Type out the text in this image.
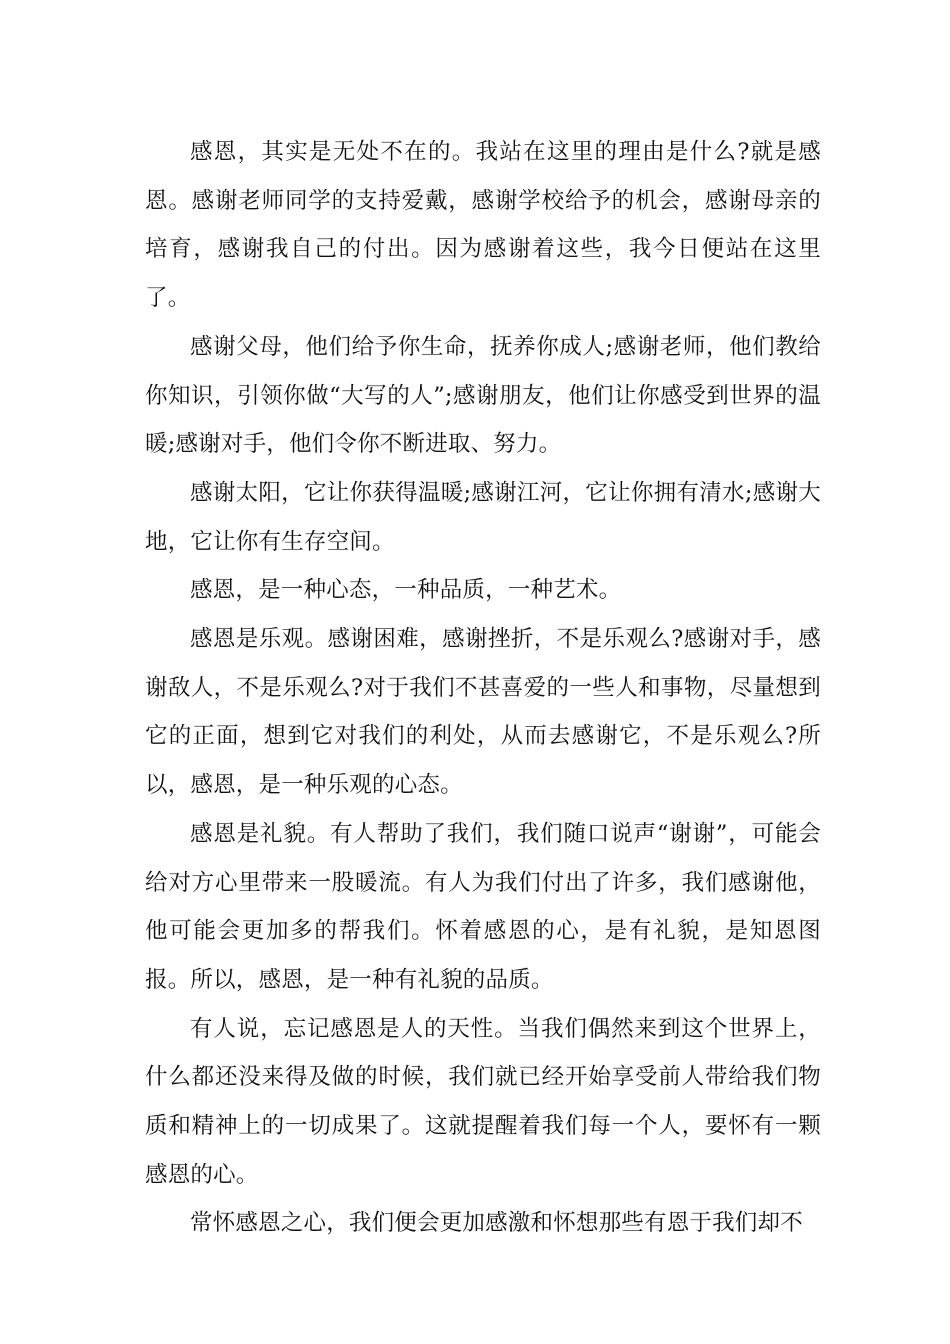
感恩，其实是无处不在的。我站在这里的理由是什么?就是感恩。感谢老师同学的支持爱戴，感谢学校给予的机会，感谢母亲的培育，感谢我自己的付出。因为感谢着这些，我今日便站在这里了。

感谢父母，他们给予你生命，抚养你成人;感谢老师，他们教给你知识，引领你做“大写的人”;感谢朋友，他们让你感受到世界的温暖;感谢对手，他们令你不断进取、努力。

感谢太阳，它让你获得温暖;感谢江河，它让你拥有清水;感谢大地，它让你有生存空间。

感恩，是一种心态，一种品质，一种艺术。

感恩是乐观。感谢困难，感谢挫折，不是乐观么?感谢对手，感谢敌人，不是乐观么?对于我们不甚喜爱的一些人和事物，尽量想到它的正面，想到它对我们的利处，从而去感谢它，不是乐观么?所以，感恩，是一种乐观的心态。

感恩是礼貌。有人帮助了我们，我们随口说声“谢谢”，可能会给对方心里带来一股暖流。有人为我们付出了许多，我们感谢他，他可能会更加多的帮我们。怀着感恩的心，是有礼貌，是知恩图报。所以，感恩，是一种有礼貌的品质。

有人说，忘记感恩是人的天性。当我们偶然来到这个世界上，什么都还没来得及做的时候，我们就已经开始享受前人带给我们物质和精神上的一切成果了。这就提醒着我们每一个人，要怀有一颗感恩的心。

常怀感恩之心，我们便会更加感激和怀想那些有恩于我们却不
